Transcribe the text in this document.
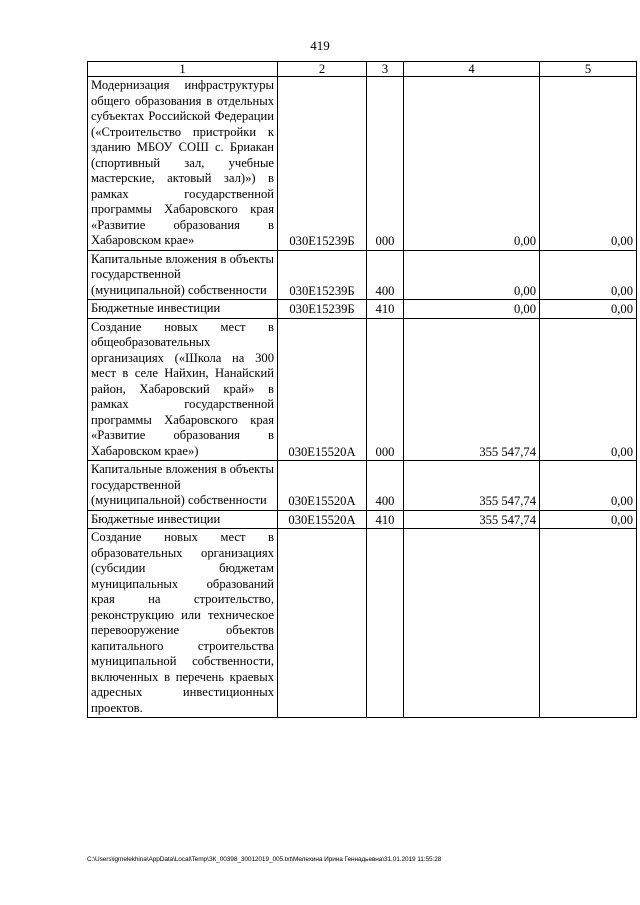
419
1	2	3	4	5
Модернизация инфраструктуры общего образования в отдельных субъектах Российской Федерации («Строительство пристройки к зданию МБОУ СОШ с. Бриакан (спортивный зал, учебные мастерские, актовый зал)») в рамках государственной программы Хабаровского края «Развитие образования в Хабаровском крае»	030Е15239Б	000	0,00	0,00
Капитальные вложения в объекты государственной (муниципальной) собственности	030Е15239Б	400	0,00	0,00
Бюджетные инвестиции	030Е15239Б	410	0,00	0,00
Создание новых мест в общеобразовательных организациях («Школа на 300 мест в селе Найхин, Нанайский район, Хабаровский край» в рамках государственной программы Хабаровского края «Развитие образования в Хабаровском крае»)	030Е15520А	000	355 547,74	0,00
Капитальные вложения в объекты государственной (муниципальной) собственности	030Е15520А	400	355 547,74	0,00
Бюджетные инвестиции	030Е15520А	410	355 547,74	0,00
Создание новых мест в образовательных организациях (субсидии бюджетам муниципальных образований края на строительство, реконструкцию или техническое перевооружение объектов капитального строительства муниципальной собственности, включенных в перечень краевых адресных инвестиционных проектов.				
C:\Users\igmelekhina\AppData\Local\Temp\ЗК_00398_30012019_005.txt\Мелехина Ирина Геннадьевна\31.01.2019 11:55:28
